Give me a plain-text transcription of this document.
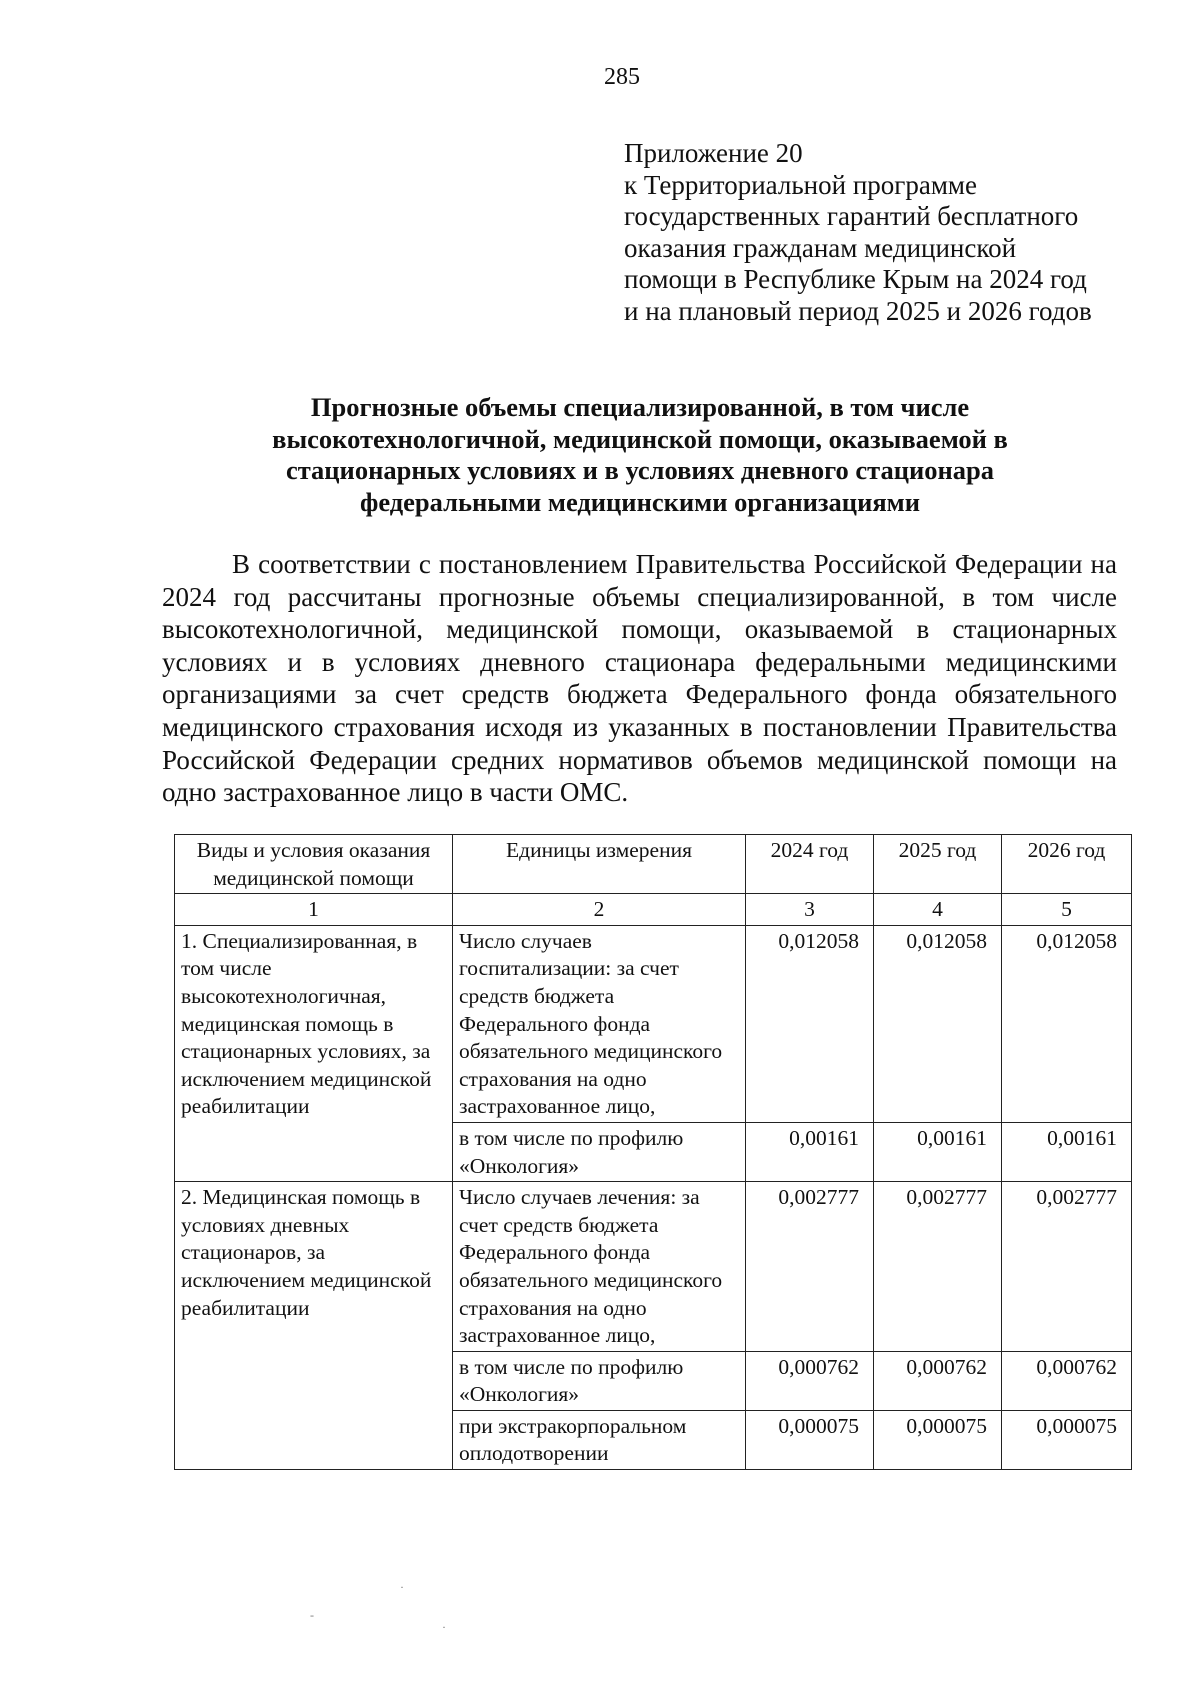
285
Приложение 20
к Территориальной программе
государственных гарантий бесплатного
оказания гражданам медицинской
помощи в Республике Крым на 2024 год
и на плановый период 2025 и 2026 годов
Прогнозные объемы специализированной, в том числе
высокотехнологичной, медицинской помощи, оказываемой в
стационарных условиях и в условиях дневного стационара
федеральными медицинскими организациями
В соответствии с постановлением Правительства Российской Федерации на 2024 год рассчитаны прогнозные объемы специализированной, в том числе высокотехнологичной, медицинской помощи, оказываемой в стационарных условиях и в условиях дневного стационара федеральными медицинскими организациями за счет средств бюджета Федерального фонда обязательного медицинского страхования исходя из указанных в постановлении Правительства Российской Федерации средних нормативов объемов медицинской помощи на одно застрахованное лицо в части ОМС.
Виды и условия оказания медицинской помощи	Единицы измерения	2024 год	2025 год	2026 год
1	2	3	4	5
1. Специализированная, в том числе высокотехнологичная, медицинская помощь в стационарных условиях, за исключением медицинской реабилитации	Число случаев госпитализации: за счет средств бюджета Федерального фонда обязательного медицинского страхования на одно застрахованное лицо,	0,012058	0,012058	0,012058
	в том числе по профилю «Онкология»	0,00161	0,00161	0,00161
2. Медицинская помощь в условиях дневных стационаров, за исключением медицинской реабилитации	Число случаев лечения: за счет средств бюджета Федерального фонда обязательного медицинского страхования на одно застрахованное лицо,	0,002777	0,002777	0,002777
	в том числе по профилю «Онкология»	0,000762	0,000762	0,000762
	при экстракорпоральном оплодотворении	0,000075	0,000075	0,000075
·
-
·
